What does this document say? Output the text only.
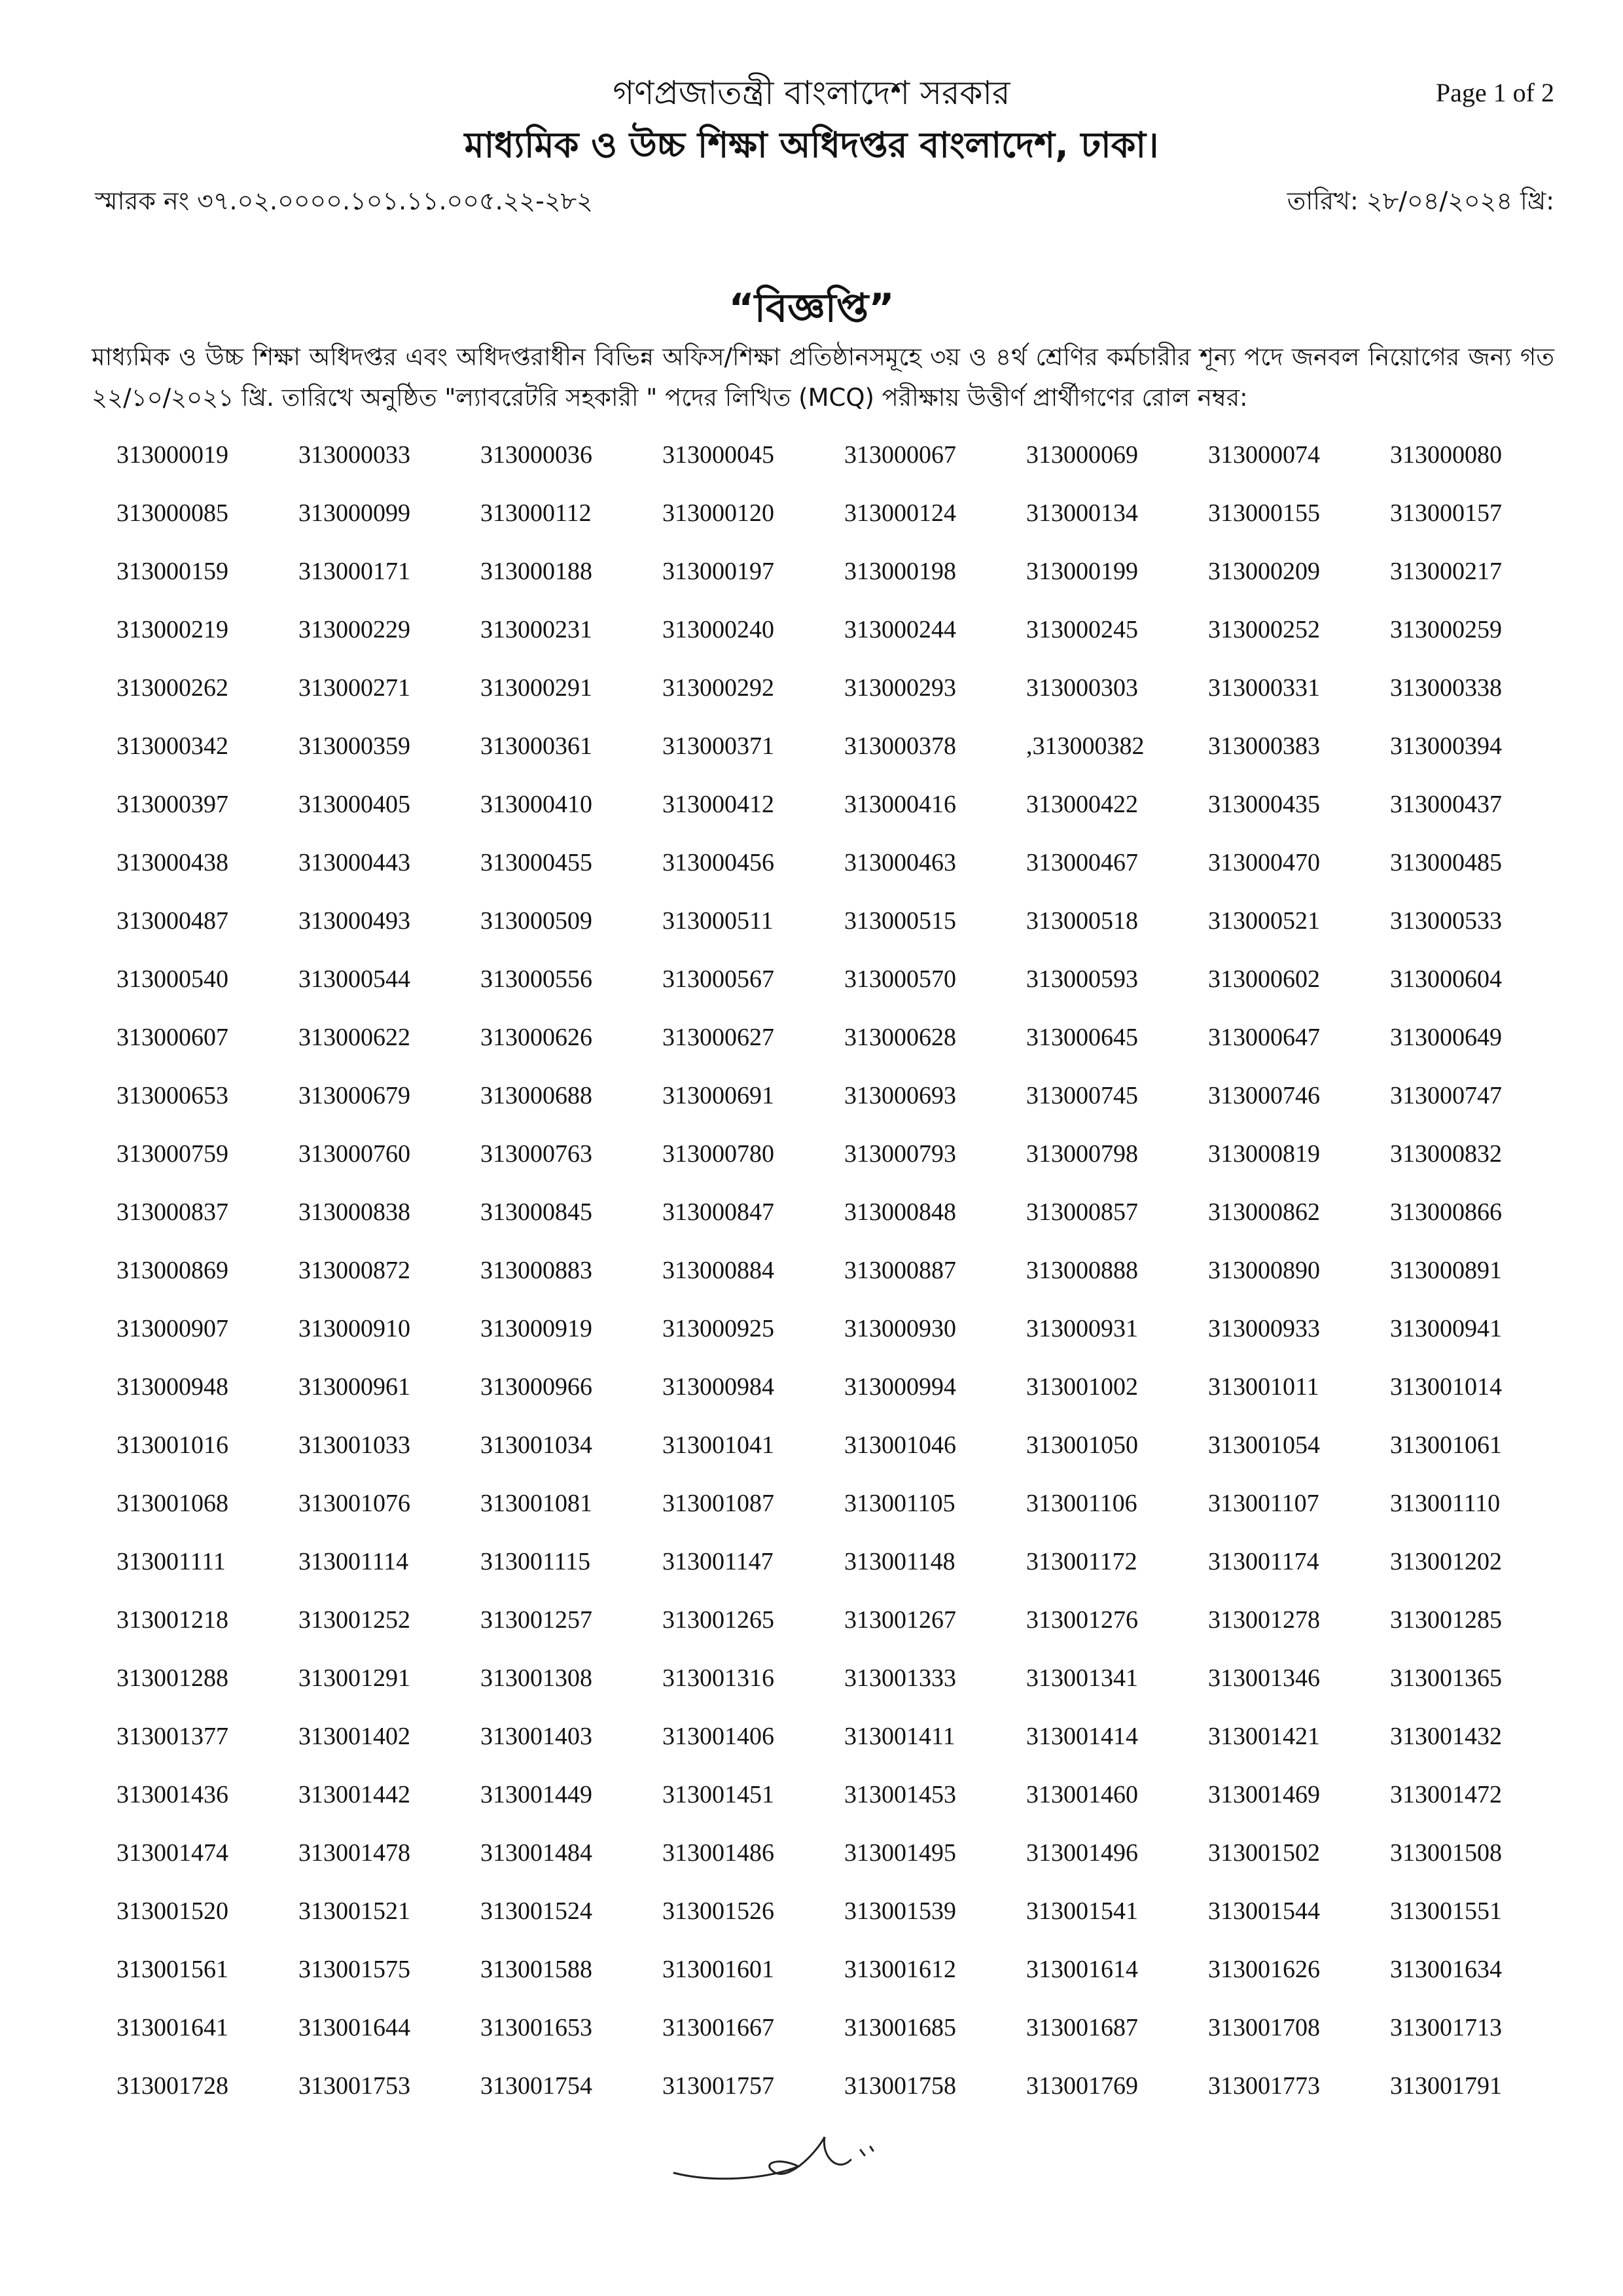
গণপ্রজাতন্ত্রী বাংলাদেশ সরকার
মাধ্যমিক ও উচ্চ শিক্ষা অধিদপ্তর বাংলাদেশ, ঢাকা।
Page 1 of 2
স্মারক নং ৩৭.০২.০০০০.১০১.১১.০০৫.২২-২৮২	তারিখ: ২৮/০৪/২০২৪ খ্রি:
“বিজ্ঞপ্তি”
মাধ্যমিক ও উচ্চ শিক্ষা অধিদপ্তর এবং অধিদপ্তরাধীন বিভিন্ন অফিস/শিক্ষা প্রতিষ্ঠানসমূহে ৩য় ও ৪র্থ শ্রেণির কর্মচারীর শূন্য পদে জনবল নিয়োগের জন্য গত ২২/১০/২০২১ খ্রি. তারিখে অনুষ্ঠিত "ল্যাবরেটরি সহকারী " পদের লিখিত (MCQ) পরীক্ষায় উত্তীর্ণ প্রার্থীগণের রোল নম্বর:
313000019	313000033	313000036	313000045	313000067	313000069	313000074	313000080
313000085	313000099	313000112	313000120	313000124	313000134	313000155	313000157
313000159	313000171	313000188	313000197	313000198	313000199	313000209	313000217
313000219	313000229	313000231	313000240	313000244	313000245	313000252	313000259
313000262	313000271	313000291	313000292	313000293	313000303	313000331	313000338
313000342	313000359	313000361	313000371	313000378	,313000382	313000383	313000394
313000397	313000405	313000410	313000412	313000416	313000422	313000435	313000437
313000438	313000443	313000455	313000456	313000463	313000467	313000470	313000485
313000487	313000493	313000509	313000511	313000515	313000518	313000521	313000533
313000540	313000544	313000556	313000567	313000570	313000593	313000602	313000604
313000607	313000622	313000626	313000627	313000628	313000645	313000647	313000649
313000653	313000679	313000688	313000691	313000693	313000745	313000746	313000747
313000759	313000760	313000763	313000780	313000793	313000798	313000819	313000832
313000837	313000838	313000845	313000847	313000848	313000857	313000862	313000866
313000869	313000872	313000883	313000884	313000887	313000888	313000890	313000891
313000907	313000910	313000919	313000925	313000930	313000931	313000933	313000941
313000948	313000961	313000966	313000984	313000994	313001002	313001011	313001014
313001016	313001033	313001034	313001041	313001046	313001050	313001054	313001061
313001068	313001076	313001081	313001087	313001105	313001106	313001107	313001110
313001111	313001114	313001115	313001147	313001148	313001172	313001174	313001202
313001218	313001252	313001257	313001265	313001267	313001276	313001278	313001285
313001288	313001291	313001308	313001316	313001333	313001341	313001346	313001365
313001377	313001402	313001403	313001406	313001411	313001414	313001421	313001432
313001436	313001442	313001449	313001451	313001453	313001460	313001469	313001472
313001474	313001478	313001484	313001486	313001495	313001496	313001502	313001508
313001520	313001521	313001524	313001526	313001539	313001541	313001544	313001551
313001561	313001575	313001588	313001601	313001612	313001614	313001626	313001634
313001641	313001644	313001653	313001667	313001685	313001687	313001708	313001713
313001728	313001753	313001754	313001757	313001758	313001769	313001773	313001791
